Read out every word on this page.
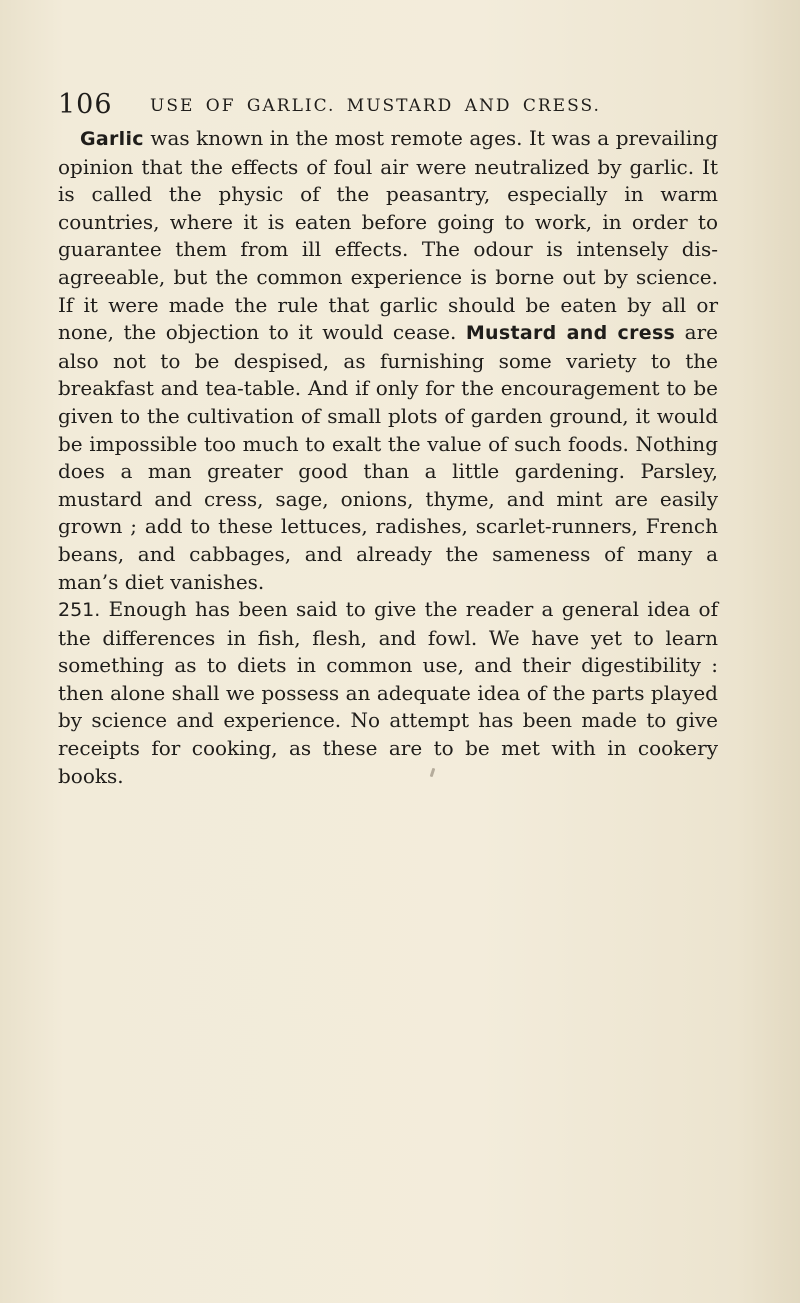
106 USE OF GARLIC. MUSTARD AND CRESS.

Garlic was known in the most remote ages. It was a prevailing opinion that the effects of foul air were neutralized by garlic. It is called the physic of the peasantry, especially in warm countries, where it is eaten before going to work, in order to guarantee them from ill effects. The odour is intensely disagreeable, but the common experience is borne out by science. If it were made the rule that garlic should be eaten by all or none, the objection to it would cease. Mustard and cress are also not to be despised, as furnishing some variety to the breakfast and tea-table. And if only for the encouragement to be given to the cultivation of small plots of garden ground, it would be impossible too much to exalt the value of such foods. Nothing does a man greater good than a little gardening. Parsley, mustard and cress, sage, onions, thyme, and mint are easily grown ; add to these lettuces, radishes, scarlet-runners, French beans, and cabbages, and already the sameness of many a man’s diet vanishes.

251. Enough has been said to give the reader a general idea of the differences in fish, flesh, and fowl. We have yet to learn something as to diets in common use, and their digestibility : then alone shall we possess an adequate idea of the parts played by science and experience. No attempt has been made to give receipts for cooking, as these are to be met with in cookery books.
